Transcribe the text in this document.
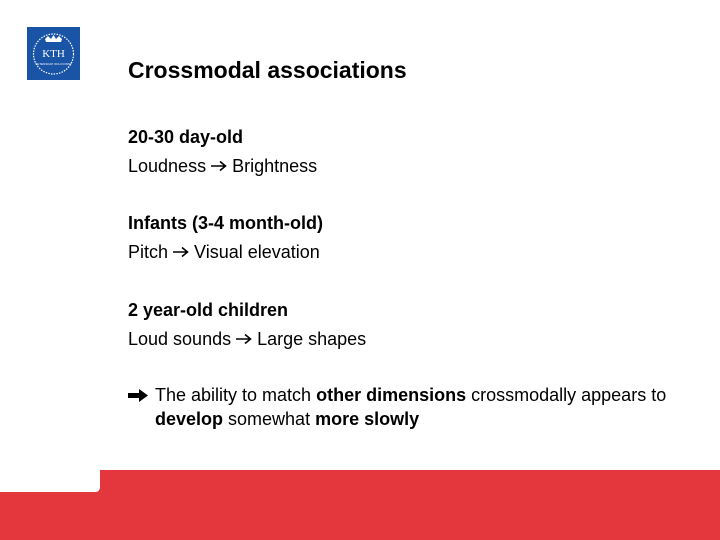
KTH
VETENSKAP OCH KONST Crossmodal associations
20-30 day-old
Loudness Brightness
Infants (3-4 month-old)
Pitch Visual elevation
2 year-old children
Loud sounds Large shapes
The ability to match other dimensions crossmodally appears to develop somewhat more slowly
